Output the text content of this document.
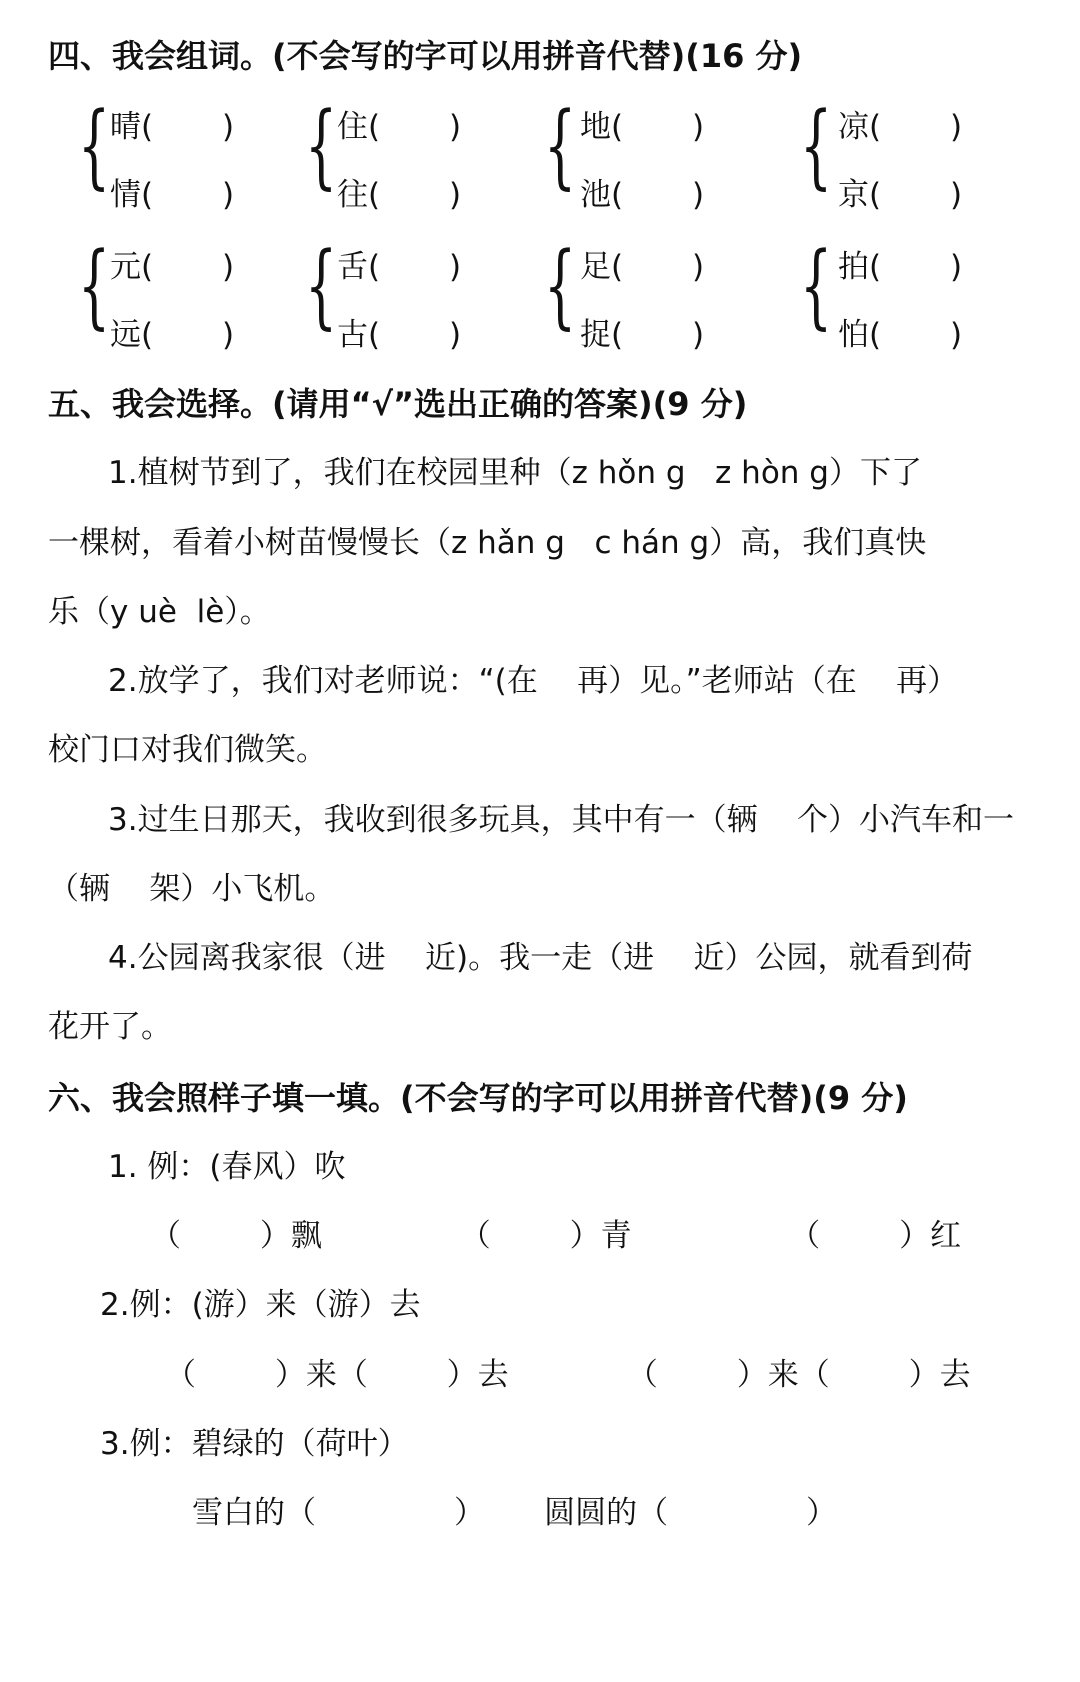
四、我会组词。(不会写的字可以用拼音代替)(16 分)
{ 晴( )
情( ) { 住( )
往( ) { 地( )
池( ) { 凉( )
京( )
{ 元( )
远( ) { 舌( )
古( ) { 足( )
捉( ) { 拍( )
怕( )
五、我会选择。(请用“√”选出正确的答案)(9 分)
1.植树节到了，我们在校园里种（z hǒn g   z hòn g）下了
一棵树，看着小树苗慢慢长（z hǎn g   c hán g）高，我们真快
乐（y uè  lè）。
2.放学了，我们对老师说：“(在    再）见。”老师站（在    再）
校门口对我们微笑。
3.过生日那天，我收到很多玩具，其中有一（辆    个）小汽车和一
（辆    架）小飞机。
4.公园离我家很（进    近)。我一走（进    近）公园，就看到荷
花开了。
六、我会照样子填一填。(不会写的字可以用拼音代替)(9 分)
1. 例：(春风）吹
（        ）飘              （        ）青                （        ）红
2.例：(游）来（游）去
（        ）来（        ）去            （        ）来（        ）去
3.例：碧绿的（荷叶）
雪白的（              ）      圆圆的（              ）
